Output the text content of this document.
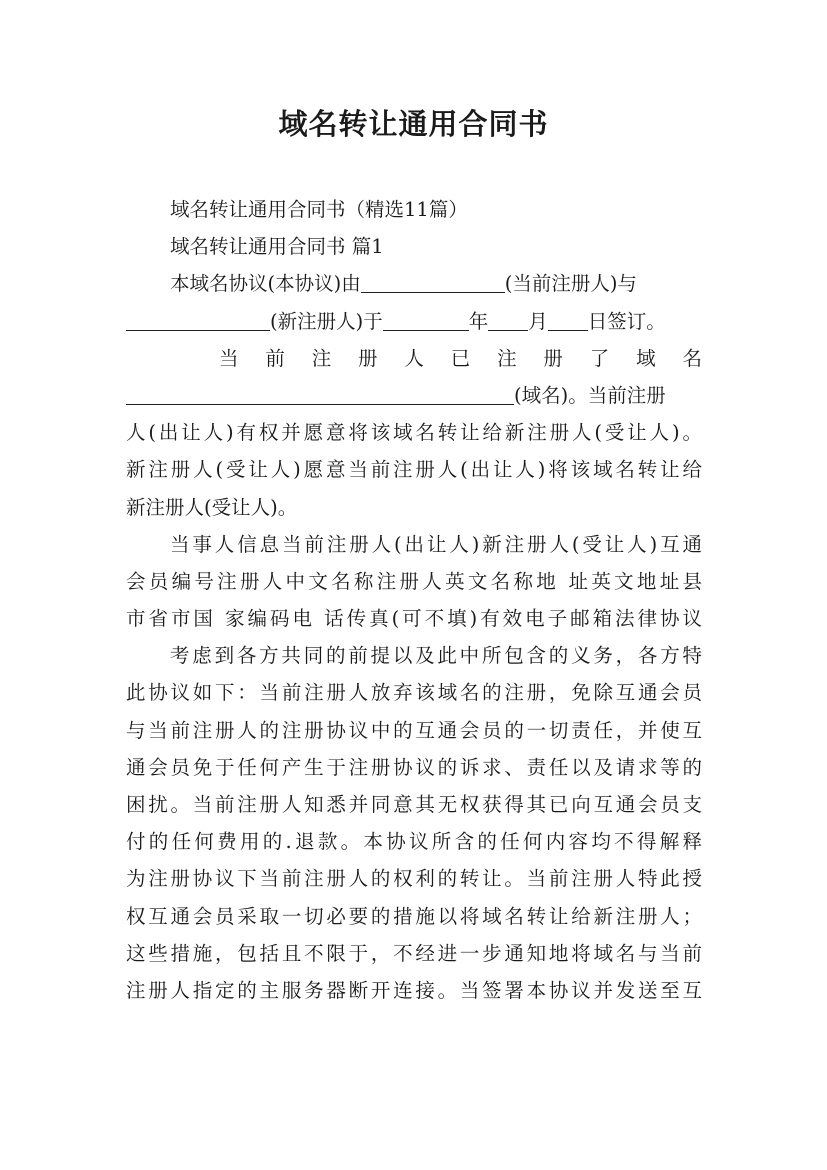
域名转让通用合同书
域名转让通用合同书（精选11篇）
域名转让通用合同书 篇1
本域名协议(本协议)由	(当前注册人)与
(新注册人)于	年 月 日签订。
当 前 注 册 人 已 注 册 了 域 名
(域名)。当前注册
人(出让人)有权并愿意将该域名转让给新注册人(受让人)。
新注册人(受让人)愿意当前注册人(出让人)将该域名转让给
新注册人(受让人)。
当事人信息当前注册人(出让人)新注册人(受让人)互通
会员编号注册人中文名称注册人英文名称地 址英文地址县
市省市国 家编码电 话传真(可不填)有效电子邮箱法律协议
考虑到各方共同的前提以及此中所包含的义务，各方特
此协议如下：当前注册人放弃该域名的注册，免除互通会员
与当前注册人的注册协议中的互通会员的一切责任，并使互
通会员免于任何产生于注册协议的诉求、责任以及请求等的
困扰。当前注册人知悉并同意其无权获得其已向互通会员支
付的任何费用的.退款。本协议所含的任何内容均不得解释
为注册协议下当前注册人的权利的转让。当前注册人特此授
权互通会员采取一切必要的措施以将域名转让给新注册人；
这些措施，包括且不限于，不经进一步通知地将域名与当前
注册人指定的主服务器断开连接。当签署本协议并发送至互
